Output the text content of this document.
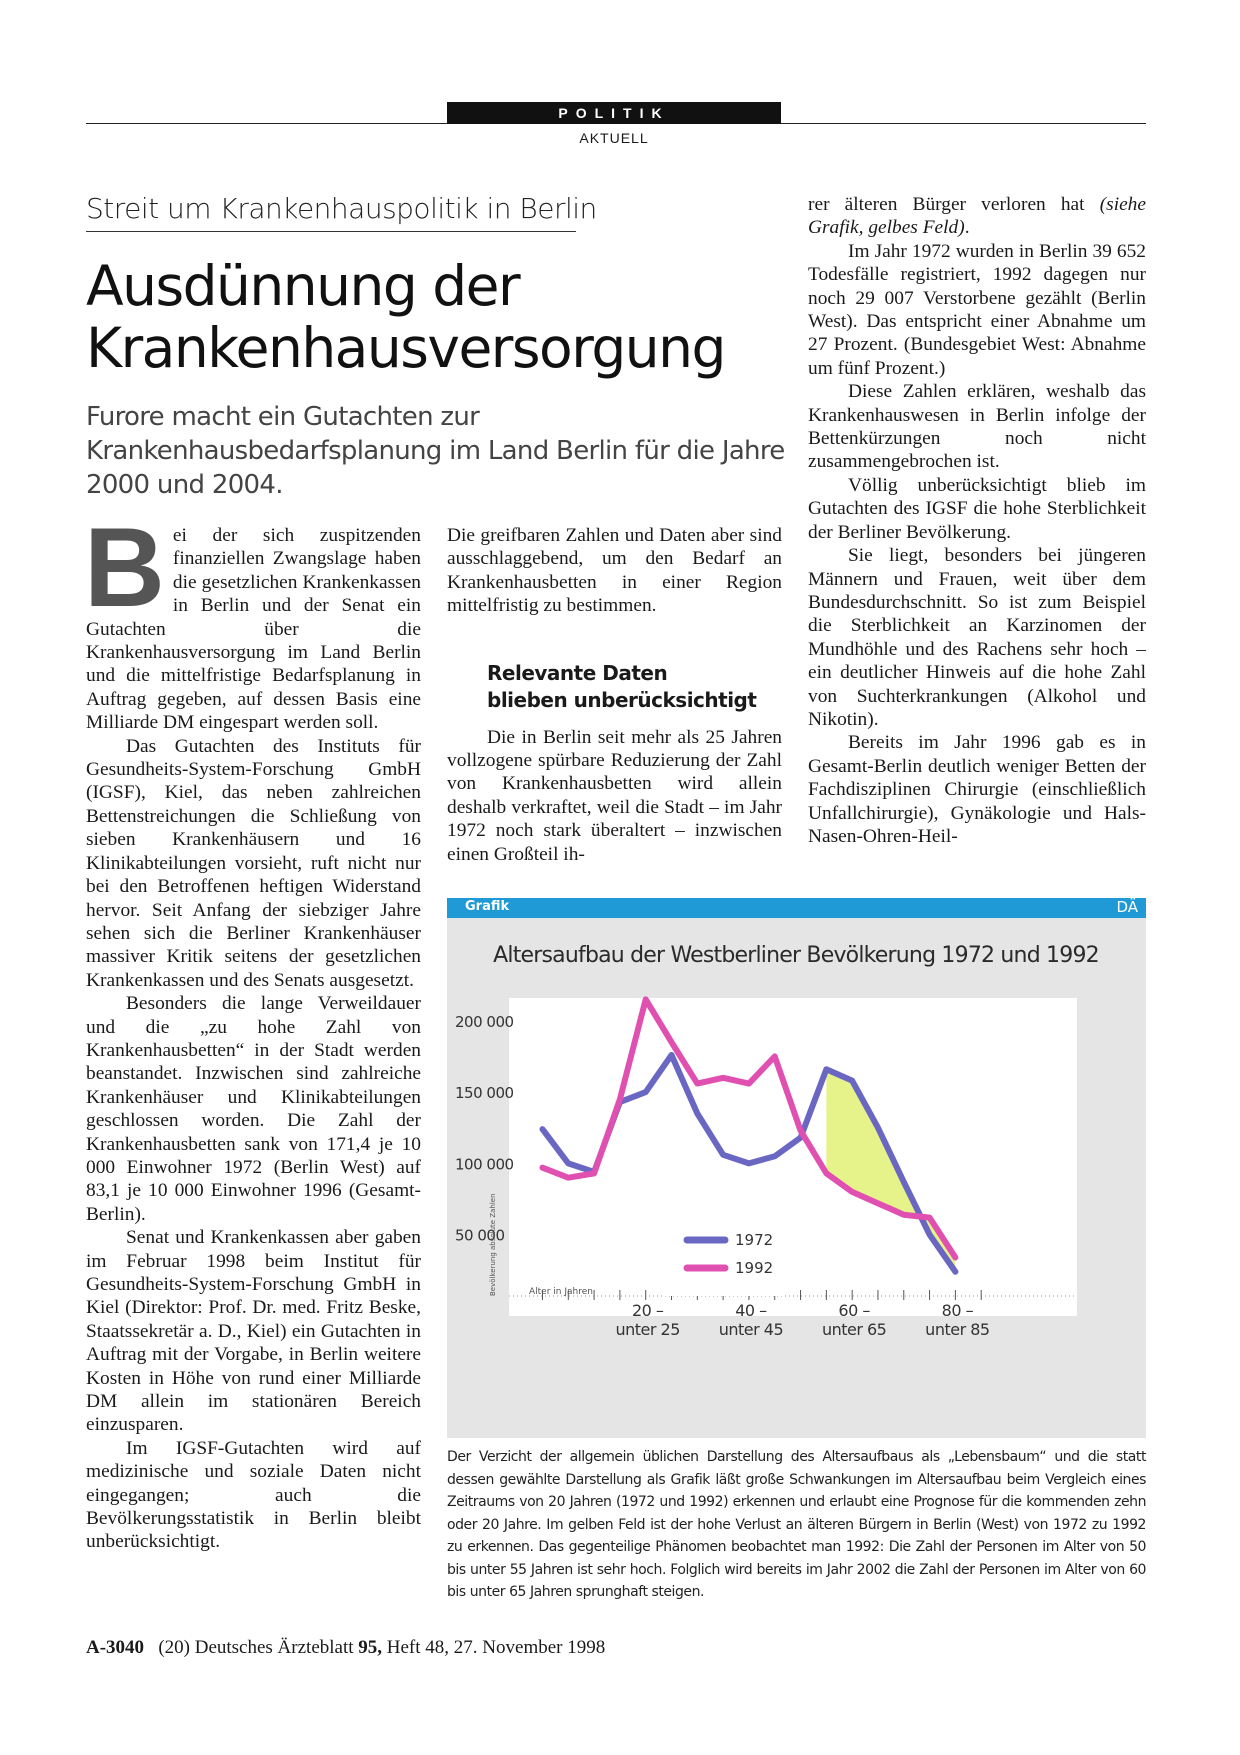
POLITIK
AKTUELL
Streit um Krankenhauspolitik in Berlin
Ausdünnung der
Krankenhausversorgung
Furore macht ein Gutachten zur Krankenhausbedarfsplanung im Land Berlin für die Jahre 2000 und 2004.

Bei der sich zuspitzenden finanziellen Zwangslage haben die gesetzlichen Krankenkassen in Berlin und der Senat ein Gutachten über die Krankenhausversorgung im Land Berlin und die mittelfristige Bedarfsplanung in Auftrag gegeben, auf dessen Basis eine Milliarde DM eingespart werden soll.

Das Gutachten des Instituts für Gesundheits-System-Forschung GmbH (IGSF), Kiel, das neben zahlreichen Bettenstreichungen die Schließung von sieben Krankenhäusern und 16 Klinikabteilungen vorsieht, ruft nicht nur bei den Betroffenen heftigen Widerstand hervor. Seit Anfang der siebziger Jahre sehen sich die Berliner Krankenhäuser massiver Kritik seitens der gesetzlichen Krankenkassen und des Senats ausgesetzt.

Besonders die lange Verweildauer und die „zu hohe Zahl von Krankenhausbetten“ in der Stadt werden beanstandet. Inzwischen sind zahlreiche Krankenhäuser und Klinikabteilungen geschlossen worden. Die Zahl der Krankenhausbetten sank von 171,4 je 10 000 Einwohner 1972 (Berlin West) auf 83,1 je 10 000 Einwohner 1996 (Gesamt-Berlin).

Senat und Krankenkassen aber gaben im Februar 1998 beim Institut für Gesundheits-System-Forschung GmbH in Kiel (Direktor: Prof. Dr. med. Fritz Beske, Staatssekretär a. D., Kiel) ein Gutachten in Auftrag mit der Vorgabe, in Berlin weitere Kosten in Höhe von rund einer Milliarde DM allein im stationären Bereich einzusparen.

Im IGSF-Gutachten wird auf medizinische und soziale Daten nicht eingegangen; auch die Bevölkerungsstatistik in Berlin bleibt unberücksichtigt.

Die greifbaren Zahlen und Daten aber sind ausschlaggebend, um den Bedarf an Krankenhausbetten in einer Region mittelfristig zu bestimmen.

Relevante Daten
blieben unberücksichtigt

Die in Berlin seit mehr als 25 Jahren vollzogene spürbare Reduzierung der Zahl von Krankenhausbetten wird allein deshalb verkraftet, weil die Stadt – im Jahr 1972 noch stark überaltert – inzwischen einen Großteil ih-

rer älteren Bürger verloren hat (siehe Grafik, gelbes Feld).

Im Jahr 1972 wurden in Berlin 39 652 Todesfälle registriert, 1992 dagegen nur noch 29 007 Verstorbene gezählt (Berlin West). Das entspricht einer Abnahme um 27 Prozent. (Bundesgebiet West: Abnahme um fünf Prozent.)

Diese Zahlen erklären, weshalb das Krankenhauswesen in Berlin infolge der Bettenkürzungen noch nicht zusammengebrochen ist.

Völlig unberücksichtigt blieb im Gutachten des IGSF die hohe Sterblichkeit der Berliner Bevölkerung.

Sie liegt, besonders bei jüngeren Männern und Frauen, weit über dem Bundesdurchschnitt. So ist zum Beispiel die Sterblichkeit an Karzinomen der Mundhöhle und des Rachens sehr hoch – ein deutlicher Hinweis auf die hohe Zahl von Suchterkrankungen (Alkohol und Nikotin).

Bereits im Jahr 1996 gab es in Gesamt-Berlin deutlich weniger Betten der Fachdisziplinen Chirurgie (einschließlich Unfallchirurgie), Gynäkologie und Hals-Nasen-Ohren-Heil-

Grafik	DÄ
Altersaufbau der Westberliner Bevölkerung 1972 und 1992
50 000
100 000
150 000
200 000
1972
1992
Bevölkerung absolute Zahlen	Alter in Jahren
20 –
unter 25
40 –
unter 45
60 –
unter 65
80 –
unter 85
Der Verzicht der allgemein üblichen Darstellung des Altersaufbaus als „Lebensbaum“ und die statt dessen gewählte Darstellung als Grafik läßt große Schwankungen im Altersaufbau beim Vergleich eines Zeitraums von 20 Jahren (1972 und 1992) erkennen und erlaubt eine Prognose für die kommenden zehn oder 20 Jahre. Im gelben Feld ist der hohe Verlust an älteren Bürgern in Berlin (West) von 1972 zu 1992 zu erkennen. Das gegenteilige Phänomen beobachtet man 1992: Die Zahl der Personen im Alter von 50 bis unter 55 Jahren ist sehr hoch. Folglich wird bereits im Jahr 2002 die Zahl der Personen im Alter von 60 bis unter 65 Jahren sprunghaft steigen.
A-3040 (20) Deutsches Ärzteblatt 95, Heft 48, 27. November 1998
